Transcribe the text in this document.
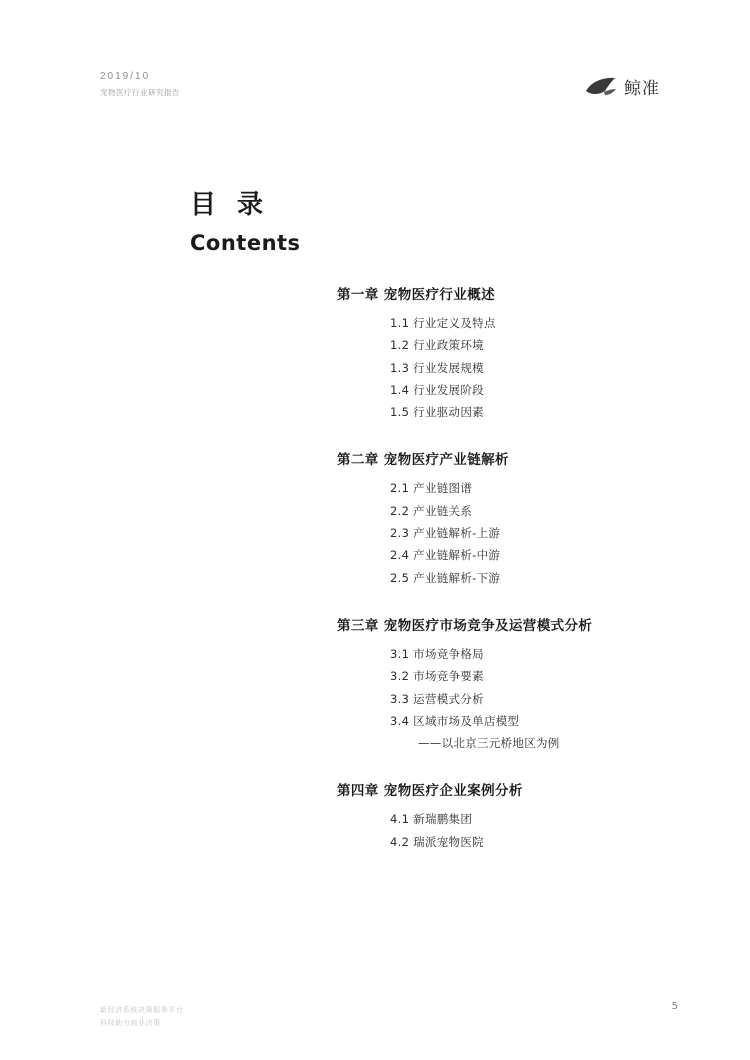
2019/10
宠物医疗行业研究报告	鲸准
目 录
Contents
第一章 宠物医疗行业概述
1.1 行业定义及特点
1.2 行业政策环境
1.3 行业发展规模
1.4 行业发展阶段
1.5 行业驱动因素
第二章 宠物医疗产业链解析
2.1 产业链图谱
2.2 产业链关系
2.3 产业链解析-上游
2.4 产业链解析-中游
2.5 产业链解析-下游
第三章 宠物医疗市场竞争及运营模式分析
3.1 市场竞争格局
3.2 市场竞争要素
3.3 运营模式分析
3.4 区域市场及单店模型
——以北京三元桥地区为例
第四章 宠物医疗企业案例分析
4.1 新瑞鹏集团
4.2 瑞派宠物医院
新经济系统决策服务平台
科技助力商业决策
5
